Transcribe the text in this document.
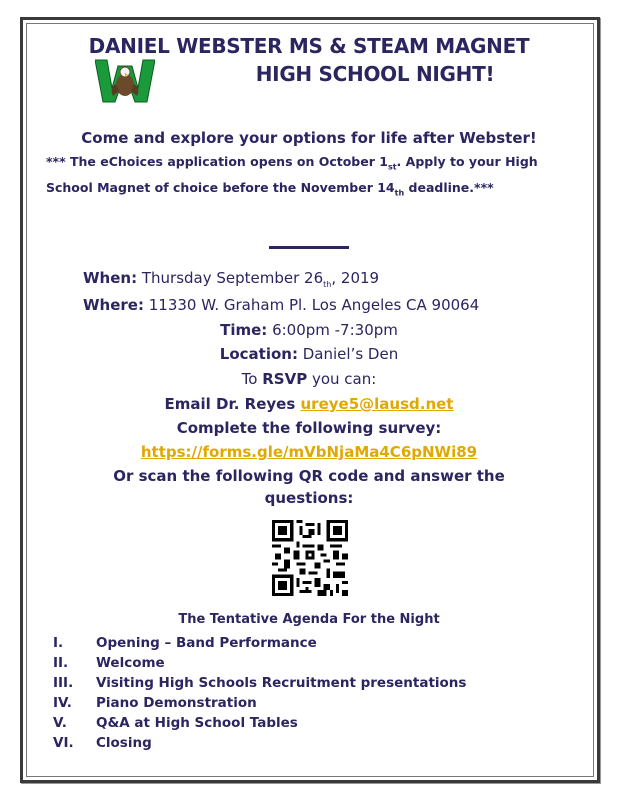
DANIEL WEBSTER MS & STEAM MAGNET
HIGH SCHOOL NIGHT!
Come and explore your options for life after Webster!
*** The eChoices application opens on October $1_{st}$. Apply to your High School Magnet of choice before the November $14_{th}$ deadline.***
When: Thursday September $26_{th}$, 2019
Where: 11330 W. Graham Pl. Los Angeles CA 90064
Time: 6:00pm -7:30pm
Location: Daniel’s Den
To RSVP you can:
Email Dr. Reyes ureye5@lausd.net
Complete the following survey:
https://forms.gle/mVbNjaMa4C6pNWi89
Or scan the following QR code and answer the
questions:
The Tentative Agenda For the Night
I.	Opening – Band Performance
II.	Welcome
III.	Visiting High Schools Recruitment presentations
IV.	Piano Demonstration
V.	Q&A at High School Tables
VI.	Closing
